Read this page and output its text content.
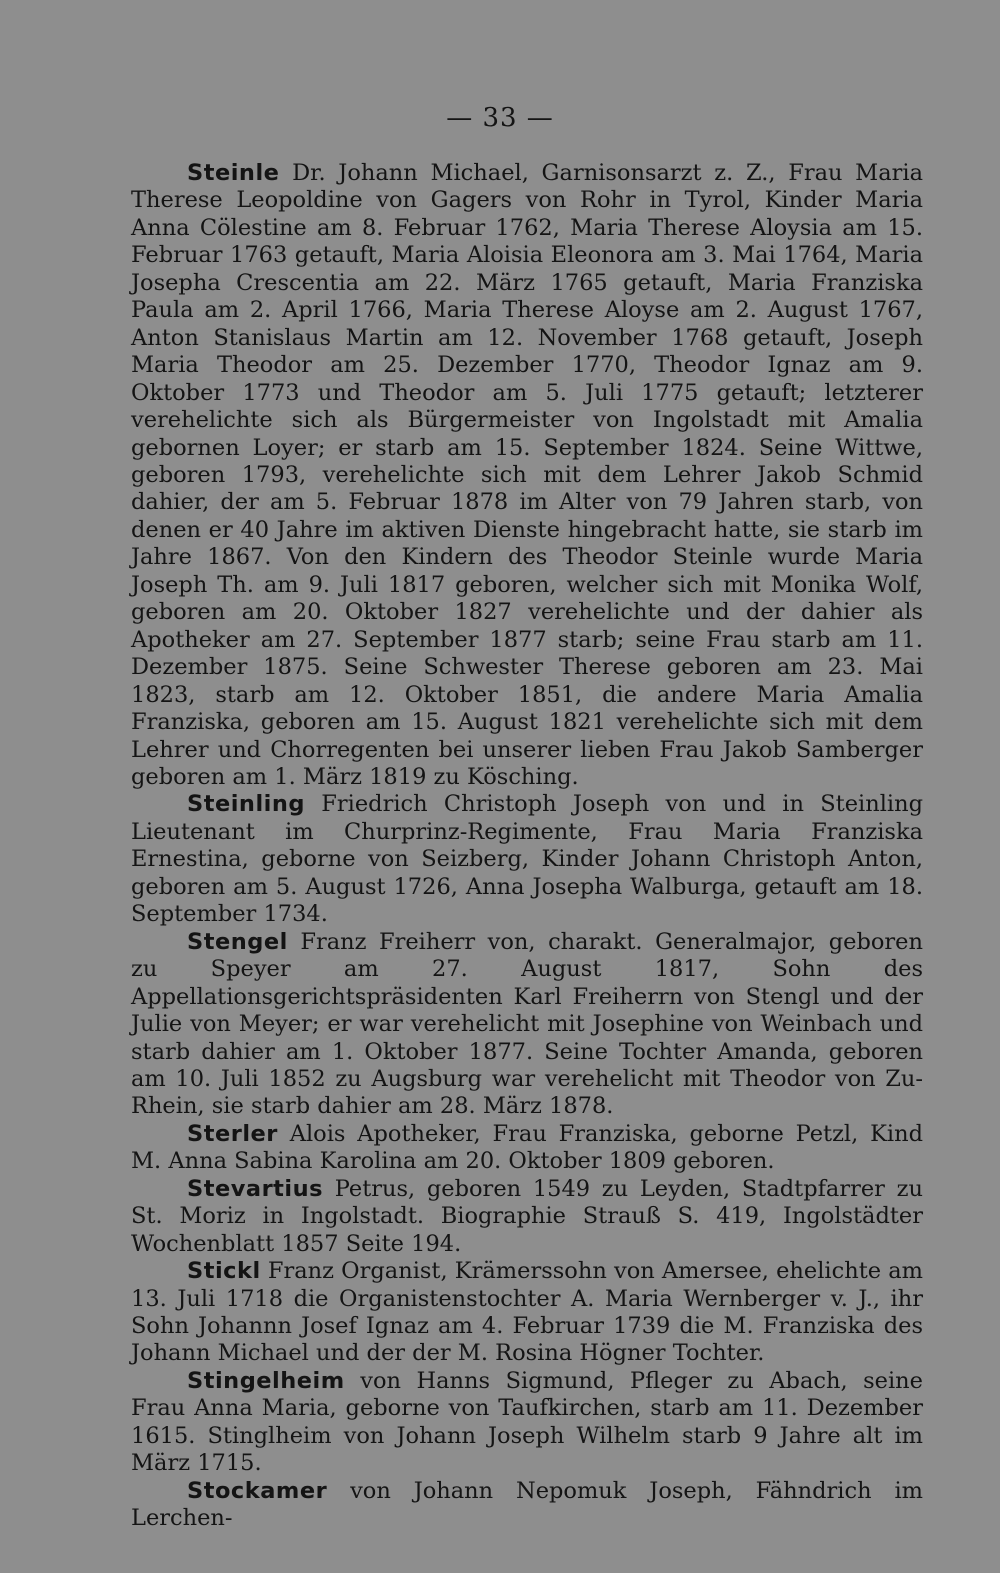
— 33 —

Steinle Dr. Johann Michael, Garnisonsarzt z. Z., Frau Maria Therese Leopoldine von Gagers von Rohr in Tyrol, Kinder Maria Anna Cölestine am 8. Februar 1762, Maria Therese Aloysia am 15. Februar 1763 getauft, Maria Aloisia Eleonora am 3. Mai 1764, Maria Josepha Crescentia am 22. März 1765 getauft, Maria Franziska Paula am 2. April 1766, Maria Therese Aloyse am 2. August 1767, Anton Stanislaus Martin am 12. November 1768 getauft, Joseph Maria Theodor am 25. Dezember 1770, Theodor Ignaz am 9. Oktober 1773 und Theodor am 5. Juli 1775 getauft; letzterer verehelichte sich als Bürgermeister von Ingolstadt mit Amalia gebornen Loyer; er starb am 15. September 1824. Seine Wittwe, geboren 1793, verehelichte sich mit dem Lehrer Jakob Schmid dahier, der am 5. Februar 1878 im Alter von 79 Jahren starb, von denen er 40 Jahre im aktiven Dienste hingebracht hatte, sie starb im Jahre 1867. Von den Kindern des Theodor Steinle wurde Maria Joseph Th. am 9. Juli 1817 geboren, welcher sich mit Monika Wolf, geboren am 20. Oktober 1827 verehelichte und der dahier als Apotheker am 27. September 1877 starb; seine Frau starb am 11. Dezember 1875. Seine Schwester Therese geboren am 23. Mai 1823, starb am 12. Oktober 1851, die andere Maria Amalia Franziska, geboren am 15. August 1821 verehelichte sich mit dem Lehrer und Chorregenten bei unserer lieben Frau Jakob Samberger geboren am 1. März 1819 zu Kösching.

Steinling Friedrich Christoph Joseph von und in Steinling Lieutenant im Churprinz-Regimente, Frau Maria Franziska Ernestina, geborne von Seizberg, Kinder Johann Christoph Anton, geboren am 5. August 1726, Anna Josepha Walburga, getauft am 18. September 1734.

Stengel Franz Freiherr von, charakt. Generalmajor, geboren zu Speyer am 27. August 1817, Sohn des Appellationsgerichtspräsidenten Karl Freiherrn von Stengl und der Julie von Meyer; er war verehelicht mit Josephine von Weinbach und starb dahier am 1. Oktober 1877. Seine Tochter Amanda, geboren am 10. Juli 1852 zu Augsburg war verehelicht mit Theodor von Zu-Rhein, sie starb dahier am 28. März 1878.

Sterler Alois Apotheker, Frau Franziska, geborne Petzl, Kind M. Anna Sabina Karolina am 20. Oktober 1809 geboren.

Stevartius Petrus, geboren 1549 zu Leyden, Stadtpfarrer zu St. Moriz in Ingolstadt. Biographie Strauß S. 419, Ingolstädter Wochenblatt 1857 Seite 194.

Stickl Franz Organist, Krämerssohn von Amersee, ehelichte am 13. Juli 1718 die Organistenstochter A. Maria Wernberger v. J., ihr Sohn Johannn Josef Ignaz am 4. Februar 1739 die M. Franziska des Johann Michael und der der M. Rosina Högner Tochter.

Stingelheim von Hanns Sigmund, Pfleger zu Abach, seine Frau Anna Maria, geborne von Taufkirchen, starb am 11. Dezember 1615. Stinglheim von Johann Joseph Wilhelm starb 9 Jahre alt im März 1715.

Stockamer von Johann Nepomuk Joseph, Fähndrich im Lerchen-
